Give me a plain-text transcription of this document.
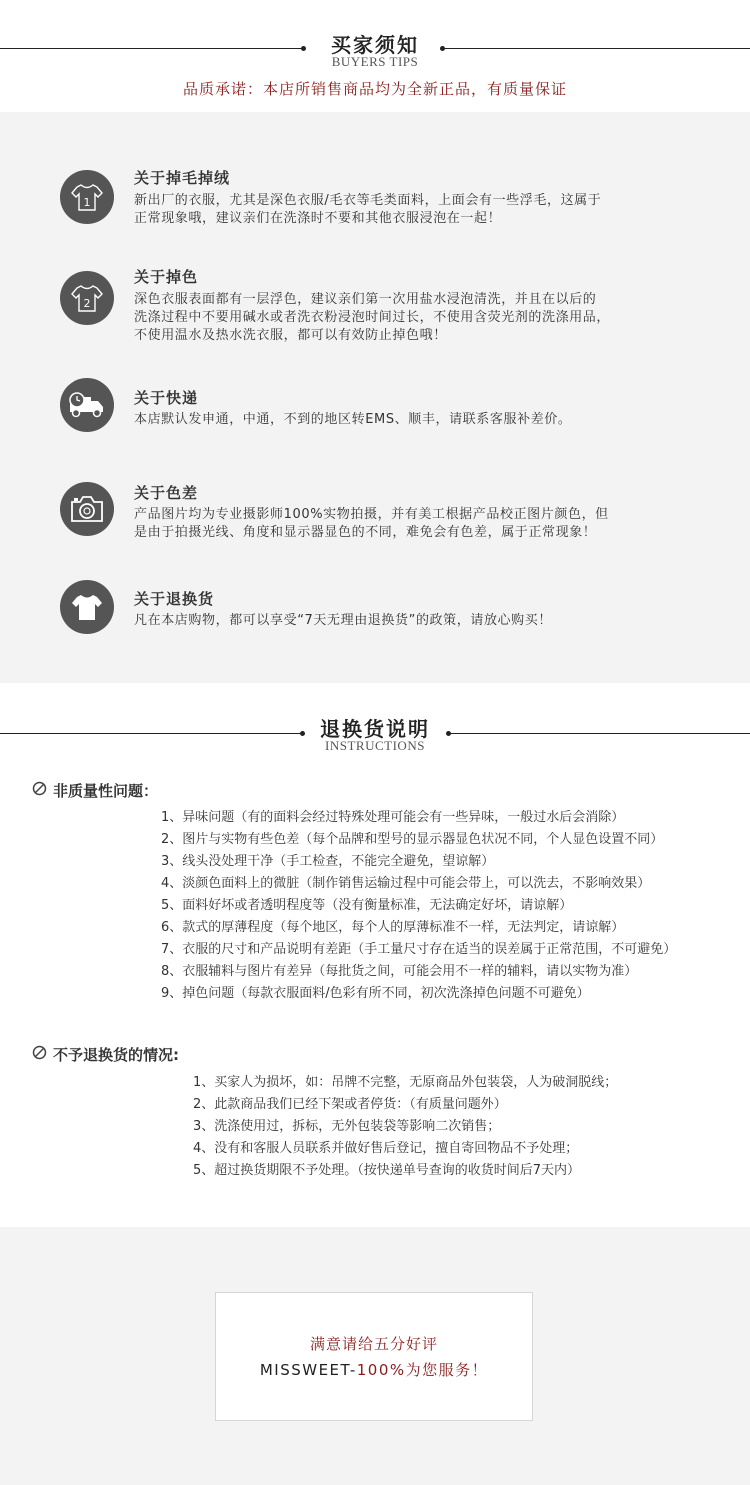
买家须知
BUYERS TIPS
品质承诺：本店所销售商品均为全新正品，有质量保证
1
关于掉毛掉绒
新出厂的衣服，尤其是深色衣服/毛衣等毛类面料，上面会有一些浮毛，这属于
正常现象哦，建议亲们在洗涤时不要和其他衣服浸泡在一起！
2
关于掉色
深色衣服表面都有一层浮色，建议亲们第一次用盐水浸泡清洗，并且在以后的
洗涤过程中不要用碱水或者洗衣粉浸泡时间过长，不使用含荧光剂的洗涤用品，
不使用温水及热水洗衣服，都可以有效防止掉色哦！
关于快递
本店默认发申通，中通，不到的地区转EMS、顺丰，请联系客服补差价。
关于色差
产品图片均为专业摄影师100%实物拍摄，并有美工根据产品校正图片颜色，但
是由于拍摄光线、角度和显示器显色的不同，难免会有色差，属于正常现象！
关于退换货
凡在本店购物，都可以享受“7天无理由退换货”的政策，请放心购买！
退换货说明
INSTRUCTIONS
非质量性问题：
1、异味问题（有的面料会经过特殊处理可能会有一些异味，一般过水后会消除）
2、图片与实物有些色差（每个品牌和型号的显示器显色状况不同，个人显色设置不同）
3、线头没处理干净（手工检查，不能完全避免，望谅解）
4、淡颜色面料上的微脏（制作销售运输过程中可能会带上，可以洗去，不影响效果）
5、面料好坏或者透明程度等（没有衡量标准，无法确定好坏，请谅解）
6、款式的厚薄程度（每个地区，每个人的厚薄标准不一样，无法判定，请谅解）
7、衣服的尺寸和产品说明有差距（手工量尺寸存在适当的误差属于正常范围，不可避免）
8、衣服辅料与图片有差异（每批货之间，可能会用不一样的辅料，请以实物为准）
9、掉色问题（每款衣服面料/色彩有所不同，初次洗涤掉色问题不可避免）
不予退换货的情况:
1、买家人为损坏，如：吊牌不完整，无原商品外包装袋，人为破洞脱线；
2、此款商品我们已经下架或者停货：（有质量问题外）
3、洗涤使用过，拆标，无外包装袋等影响二次销售；
4、没有和客服人员联系并做好售后登记，擅自寄回物品不予处理；
5、超过换货期限不予处理。（按快递单号查询的收货时间后7天内）
满意请给五分好评
MISSWEET-100%为您服务！
